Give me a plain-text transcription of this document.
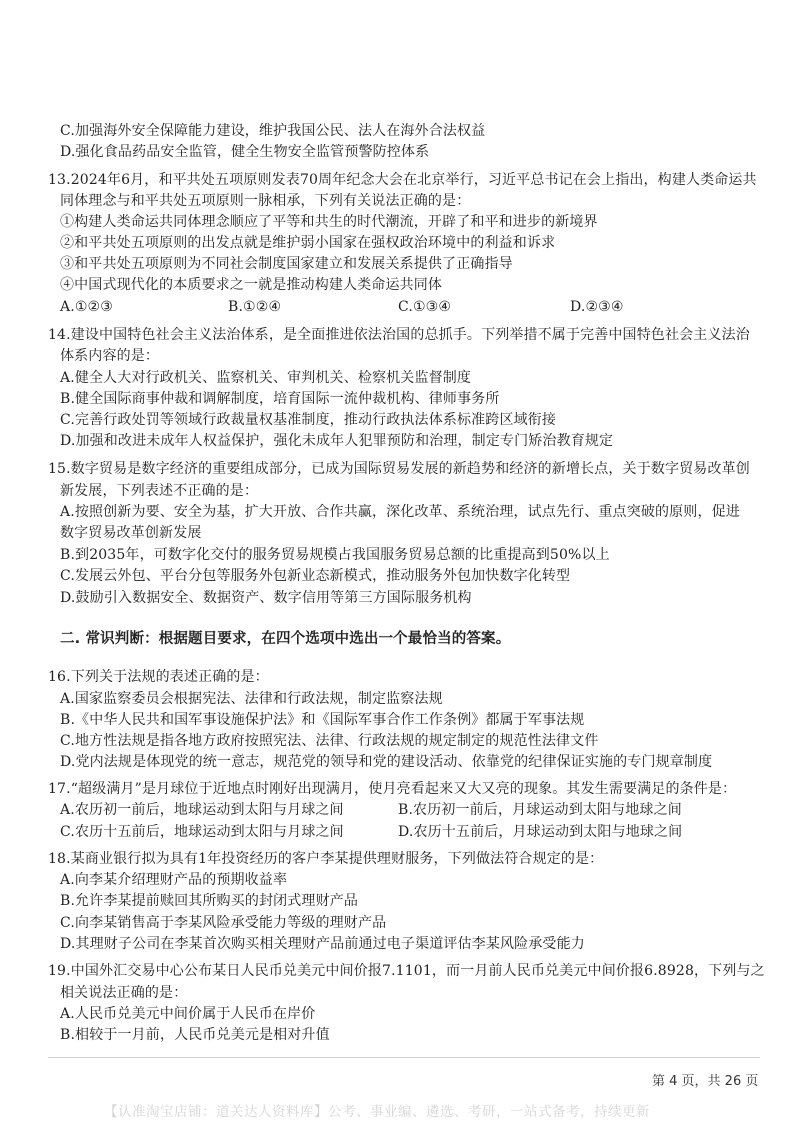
C.加强海外安全保障能力建设，维护我国公民、法人在海外合法权益
D.强化食品药品安全监管，健全生物安全监管预警防控体系
13.2024年6月，和平共处五项原则发表70周年纪念大会在北京举行，习近平总书记在会上指出，构建人类命运共
同体理念与和平共处五项原则一脉相承，下列有关说法正确的是：
①构建人类命运共同体理念顺应了平等和共生的时代潮流，开辟了和平和进步的新境界
②和平共处五项原则的出发点就是维护弱小国家在强权政治环境中的利益和诉求
③和平共处五项原则为不同社会制度国家建立和发展关系提供了正确指导
④中国式现代化的本质要求之一就是推动构建人类命运共同体
A.①②③	B.①②④	C.①③④	D.②③④
14.建设中国特色社会主义法治体系，是全面推进依法治国的总抓手。下列举措不属于完善中国特色社会主义法治
体系内容的是：
A.健全人大对行政机关、监察机关、审判机关、检察机关监督制度
B.健全国际商事仲裁和调解制度，培育国际一流仲裁机构、律师事务所
C.完善行政处罚等领域行政裁量权基准制度，推动行政执法体系标准跨区域衔接
D.加强和改进未成年人权益保护，强化未成年人犯罪预防和治理，制定专门矫治教育规定
15.数字贸易是数字经济的重要组成部分，已成为国际贸易发展的新趋势和经济的新增长点，关于数字贸易改革创
新发展，下列表述不正确的是：
A.按照创新为要、安全为基，扩大开放、合作共赢，深化改革、系统治理，试点先行、重点突破的原则，促进
数字贸易改革创新发展
B.到2035年，可数字化交付的服务贸易规模占我国服务贸易总额的比重提高到50%以上
C.发展云外包、平台分包等服务外包新业态新模式，推动服务外包加快数字化转型
D.鼓励引入数据安全、数据资产、数字信用等第三方国际服务机构
二. 常识判断：根据题目要求，在四个选项中选出一个最恰当的答案。
16.下列关于法规的表述正确的是：
A.国家监察委员会根据宪法、法律和行政法规，制定监察法规
B.《中华人民共和国军事设施保护法》和《国际军事合作工作条例》都属于军事法规
C.地方性法规是指各地方政府按照宪法、法律、行政法规的规定制定的规范性法律文件
D.党内法规是体现党的统一意志，规范党的领导和党的建设活动、依靠党的纪律保证实施的专门规章制度
17.“超级满月”是月球位于近地点时刚好出现满月，使月亮看起来又大又亮的现象。其发生需要满足的条件是：
A.农历初一前后，地球运动到太阳与月球之间	B.农历初一前后，月球运动到太阳与地球之间
C.农历十五前后，地球运动到太阳与月球之间	D.农历十五前后，月球运动到太阳与地球之间
18.某商业银行拟为具有1年投资经历的客户李某提供理财服务，下列做法符合规定的是：
A.向李某介绍理财产品的预期收益率
B.允许李某提前赎回其所购买的封闭式理财产品
C.向李某销售高于李某风险承受能力等级的理财产品
D.其理财子公司在李某首次购买相关理财产品前通过电子渠道评估李某风险承受能力
19.中国外汇交易中心公布某日人民币兑美元中间价报7.1101，而一月前人民币兑美元中间价报6.8928，下列与之
相关说法正确的是：
A.人民币兑美元中间价属于人民币在岸价
B.相较于一月前，人民币兑美元是相对升值
第 4 页，共 26 页
【认准淘宝店铺：道关达人资料库】公考、事业编、遴选、考研，一站式备考，持续更新
